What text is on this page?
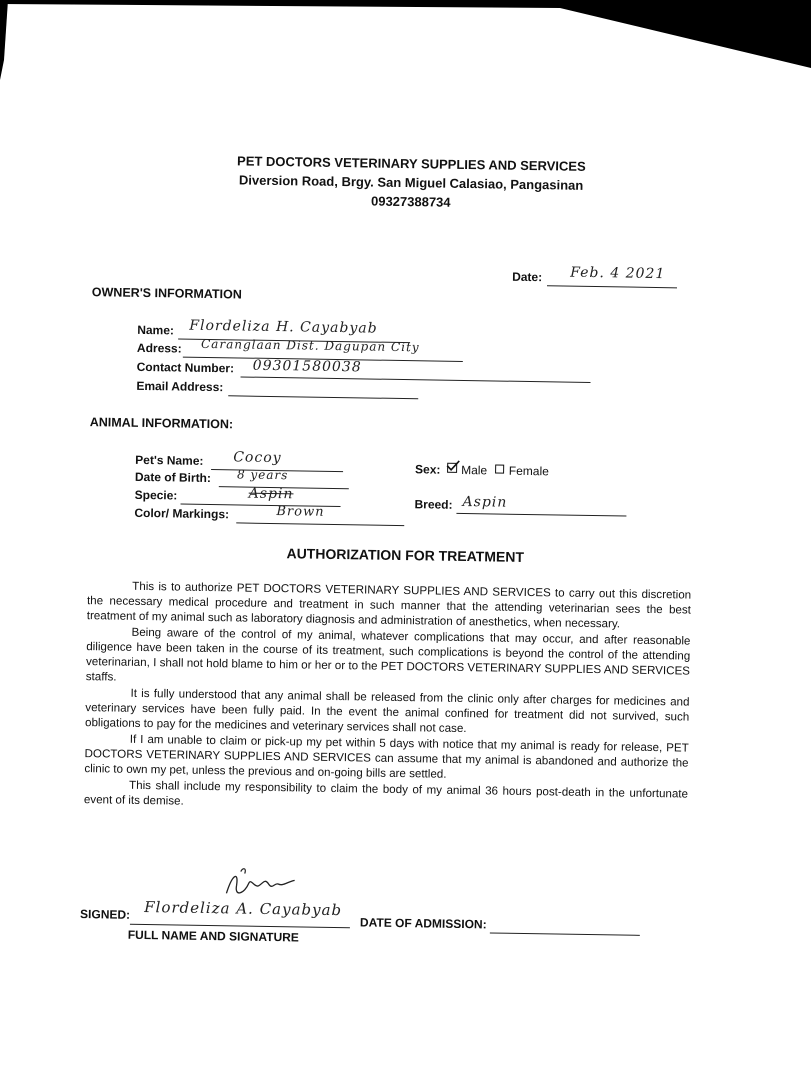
PET DOCTORS VETERINARY SUPPLIES AND SERVICES
Diversion Road, Brgy. San Miguel Calasiao, Pangasinan
09327388734
Date: Feb. 4 2021
OWNER'S INFORMATION
Name: Flordeliza H. Cayabyab
Adress: Caranglaan Dist. Dagupan City
Contact Number: 09301580038
Email Address:
ANIMAL INFORMATION:
Pet's Name: Cocoy
Date of Birth: 8 years
Specie:	Aspin
Color/ Markings:	Brown
Sex: Male Female
Breed: Aspin
AUTHORIZATION FOR TREATMENT

This is to authorize PET DOCTORS VETERINARY SUPPLIES AND SERVICES to carry out this discretion the necessary medical procedure and treatment in such manner that the attending veterinarian sees the best treatment of my animal such as laboratory diagnosis and administration of anesthetics, when necessary.

Being aware of the control of my animal, whatever complications that may occur, and after reasonable diligence have been taken in the course of its treatment, such complications is beyond the control of the attending veterinarian, I shall not hold blame to him or her or to the PET DOCTORS VETERINARY SUPPLIES AND SERVICES staffs.

It is fully understood that any animal shall be released from the clinic only after charges for medicines and veterinary services have been fully paid. In the event the animal confined for treatment did not survived, such obligations to pay for the medicines and veterinary services shall not case.

If I am unable to claim or pick-up my pet within 5 days with notice that my animal is ready for release, PET DOCTORS VETERINARY SUPPLIES AND SERVICES can assume that my animal is abandoned and authorize the clinic to own my pet, unless the previous and on-going bills are settled.

This shall include my responsibility to claim the body of my animal 36 hours post-death in the unfortunate event of its demise.

SIGNED: Flordeliza A. Cayabyab
FULL NAME AND SIGNATURE
DATE OF ADMISSION:
